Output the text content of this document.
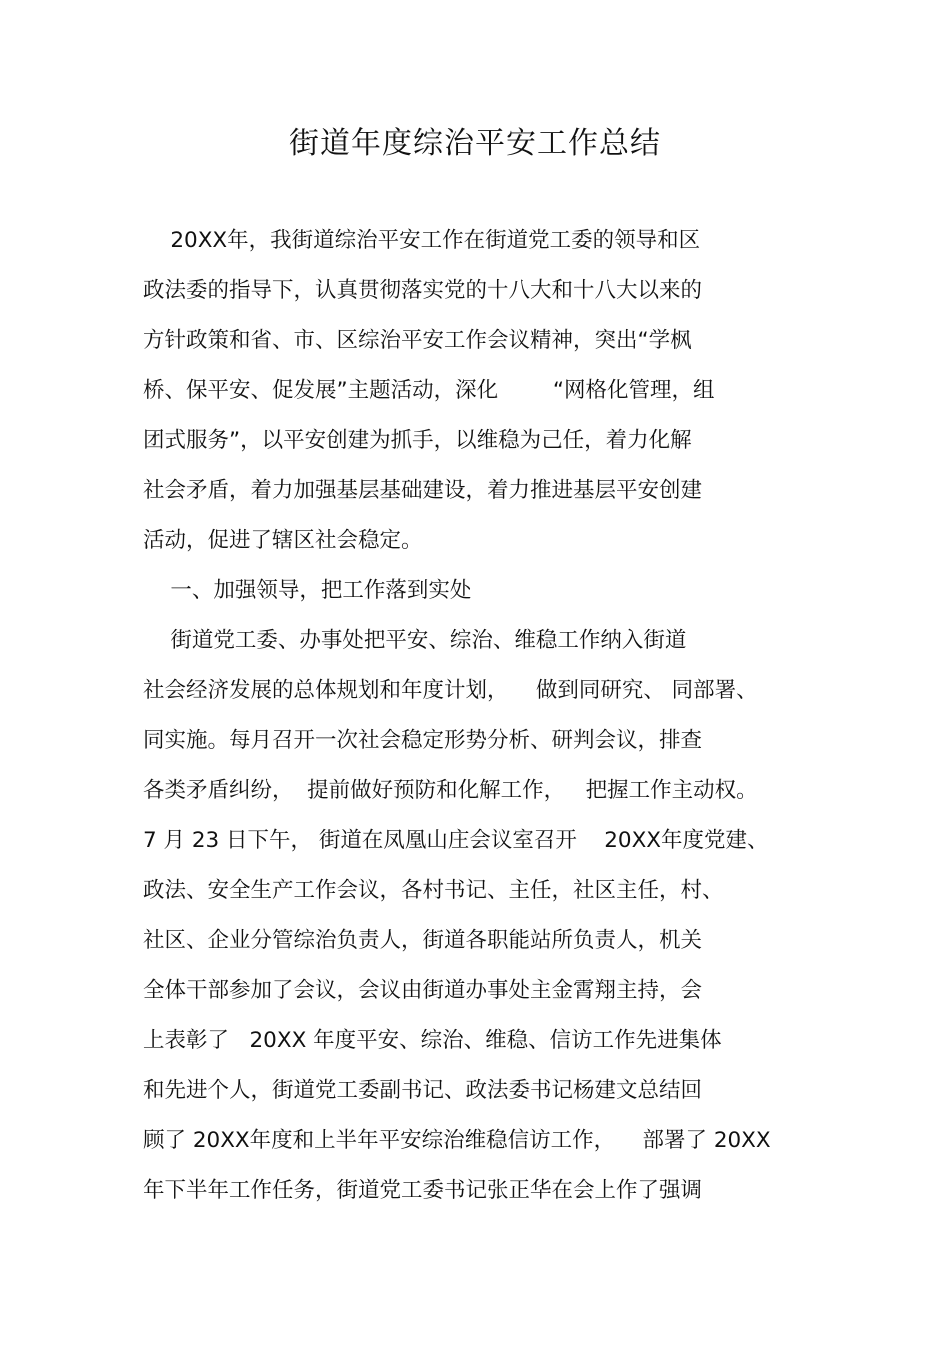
街道年度综治平安工作总结

20XX年，我街道综治平安工作在街道党工委的领导和区

政法委的指导下，认真贯彻落实党的十八大和十八大以来的

方针政策和省、市、区综治平安工作会议精神，突出“学枫

桥、保平安、促发展”主题活动，深化        “网格化管理，组

团式服务”，以平安创建为抓手，以维稳为己任，着力化解

社会矛盾，着力加强基层基础建设，着力推进基层平安创建

活动，促进了辖区社会稳定。

一、加强领导，把工作落到实处

街道党工委、办事处把平安、综治、维稳工作纳入街道

社会经济发展的总体规划和年度计划，    做到同研究、 同部署、

同实施。每月召开一次社会稳定形势分析、研判会议，排查

各类矛盾纠纷，  提前做好预防和化解工作，   把握工作主动权。

7 月 23 日下午， 街道在凤凰山庄会议室召开    20XX年度党建、

政法、安全生产工作会议，各村书记、主任，社区主任，村、

社区、企业分管综治负责人，街道各职能站所负责人，机关

全体干部参加了会议，会议由街道办事处主金霄翔主持，会

上表彰了   20XX 年度平安、综治、维稳、信访工作先进集体

和先进个人，街道党工委副书记、政法委书记杨建文总结回

顾了 20XX年度和上半年平安综治维稳信访工作，    部署了 20XX

年下半年工作任务，街道党工委书记张正华在会上作了强调
